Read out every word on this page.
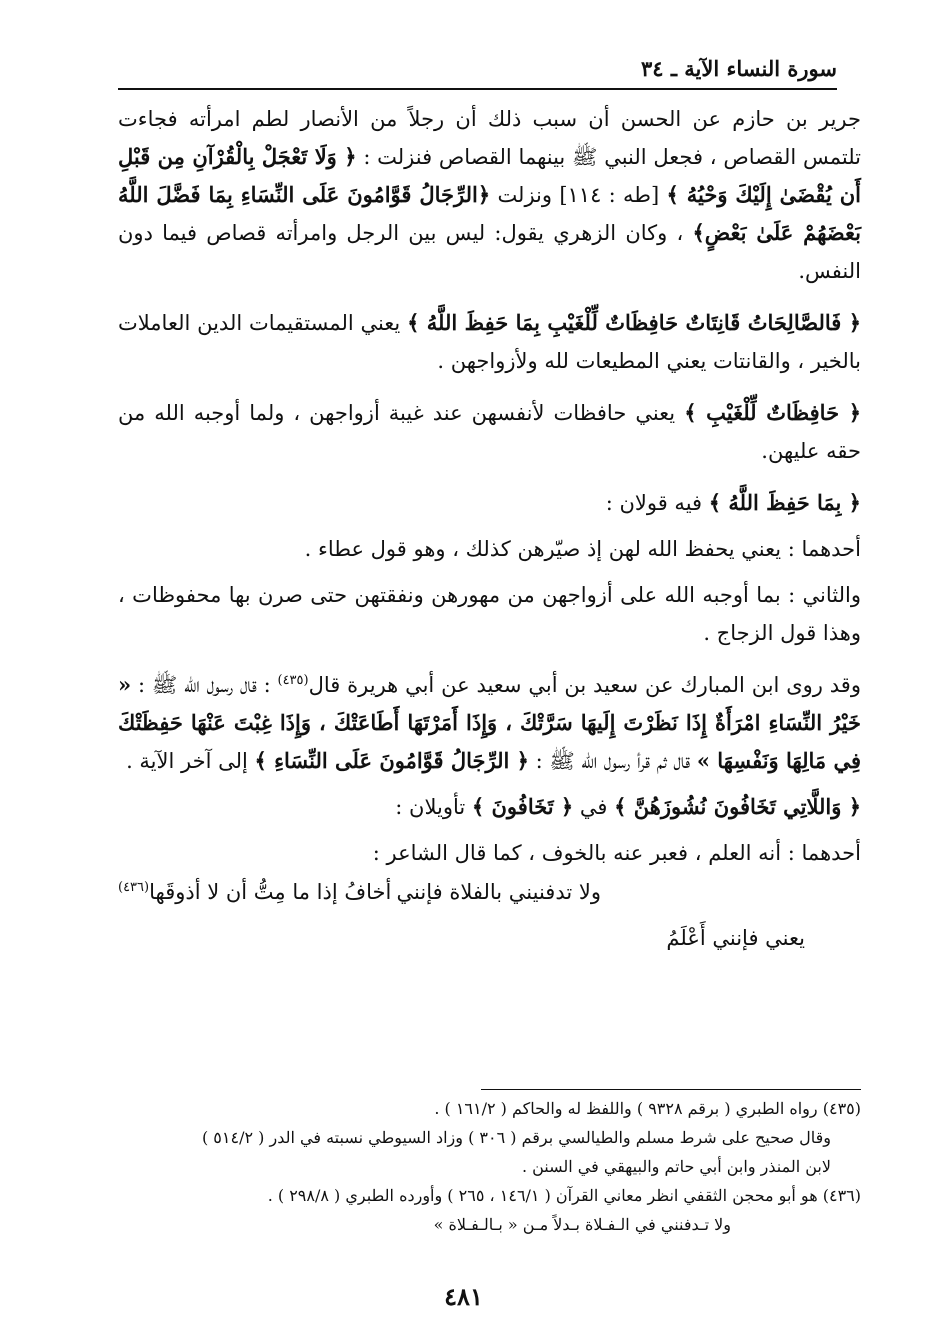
سورة النساء الآية ـ ٣٤

جرير بن حازم عن الحسن أن سبب ذلك أن رجلاً من الأنصار لطم امرأته فجاءت تلتمس القصاص ، فجعل النبي ﷺ بينهما القصاص فنزلت : ﴿ وَلَا تَعْجَلْ بِالْقُرْآنِ مِن قَبْلِ أَن يُقْضَىٰ إِلَيْكَ وَحْيُهُ ﴾ [طه : ١١٤] ونزلت ﴿الرِّجَالُ قَوَّامُونَ عَلَى النِّسَاءِ بِمَا فَضَّلَ اللَّهُ بَعْضَهُمْ عَلَىٰ بَعْضٍ﴾ ، وكان الزهري يقول: ليس بين الرجل وامرأته قصاص فيما دون النفس.

﴿ فَالصَّالِحَاتُ قَانِتَاتٌ حَافِظَاتٌ لِّلْغَيْبِ بِمَا حَفِظَ اللَّهُ ﴾ يعني المستقيمات الدين العاملات بالخير ، والقانتات يعني المطيعات لله ولأزواجهن .

﴿ حَافِظَاتٌ لِّلْغَيْبِ ﴾ يعني حافظات لأنفسهن عند غيبة أزواجهن ، ولما أوجبه الله من حقه عليهن.

﴿ بِمَا حَفِظَ اللَّهُ ﴾ فيه قولان :

أحدهما : يعني يحفظ الله لهن إذ صيّرهن كذلك ، وهو قول عطاء .

والثاني : بما أوجبه الله على أزواجهن من مهورهن ونفقتهن حتى صرن بها محفوظات ، وهذا قول الزجاج .

وقد روى ابن المبارك عن سعيد بن أبي سعيد عن أبي هريرة قال$^{(٤٣٥)}$ : قال رسول الله ﷺ : « خَيْرُ النِّسَاءِ امْرَأَةٌ إِذَا نَظَرْتَ إِلَيهَا سَرَّتْكَ ، وَإِذَا أَمَرْتَهَا أَطَاعَتْكَ ، وَإِذَا غِبْتَ عَنْهَا حَفِظَتْكَ فِي مَالِهَا وَنَفْسِهَا » قال ثم قرأ رسول الله ﷺ : ﴿ الرِّجَالُ قَوَّامُونَ عَلَى النِّسَاءِ ﴾ إلى آخر الآية .

﴿ وَاللَّاتِي تَخَافُونَ نُشُوزَهُنَّ ﴾ في ﴿ تَخَافُونَ ﴾ تأويلان :

أحدهما : أنه العلم ، فعبر عنه بالخوف ، كما قال الشاعر :

ولا تدفنيني بالفلاة فإنني
أخافُ إذا ما مِتُّ أن لا أذوقَها$^{(٤٣٦)}$
يعني فإنني أَعْلَمُ

(٤٣٥) رواه الطبري ( برقم ٩٣٢٨ ) واللفظ له والحاكم ( ١٦١/٢ ) .

وقال صحيح على شرط مسلم والطيالسي برقم ( ٣٠٦ ) وزاد السيوطي نسبته في الدر ( ٥١٤/٢ )

لابن المنذر وابن أبي حاتم والبيهقي في السنن .

(٤٣٦) هو أبو محجن الثقفي انظر معاني القرآن ( ١٤٦/١ ، ٢٦٥ ) وأورده الطبري ( ٢٩٨/٨ ) .

ولا تـدفنني في الـفـلاة بـدلاً مـن « بـالـفـلاة »

٤٨١
